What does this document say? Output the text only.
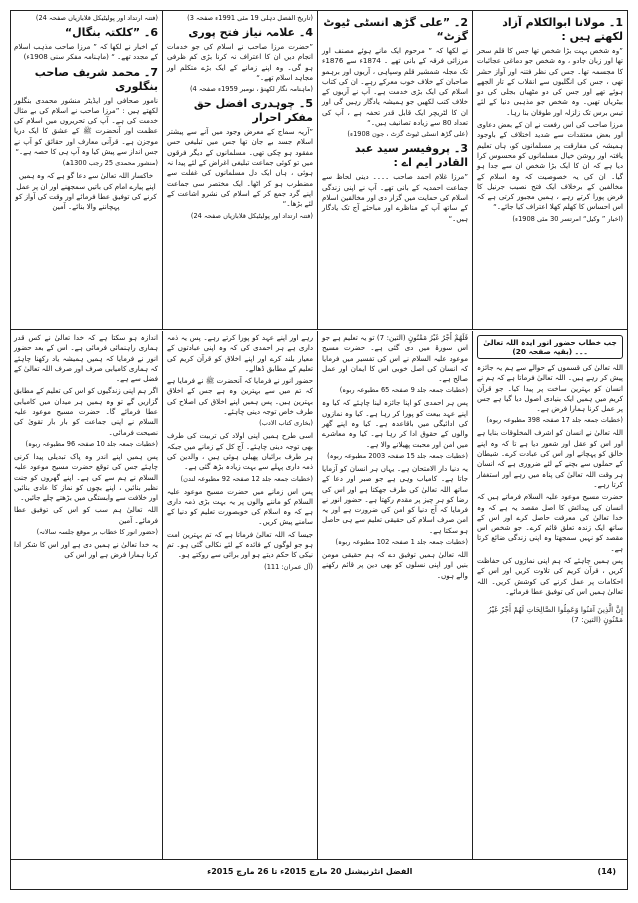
1۔ مولانا ابوالکلام آزاد لکھتے ہیں :

”وہ شخص بہت بڑا شخص تھا جس کا قلم سحر تھا اور زبان جادو ، وہ شخص جو دماغی عجائبات کا مجسمہ تھا۔ جس کی نظر فتنہ اور آواز حشر تھی ، جس کی انگلیوں سے انقلاب کے تار الجھے ہوئے تھے اور جس کی دو مٹھیاں بجلی کی دو بیٹریاں تھیں۔ وہ شخص جو مذہبی دنیا کے لئے تیس برس تک زلزلہ اور طوفان بنا رہا۔

مرزا صاحب کی اس رفعت نے ان کے بعض دعاوی اور بعض معتقدات سے شدید اختلاف کے باوجود ہمیشہ کی مفارقت پر مسلمانوں کو، ہاں تعلیم یافتہ اور روشن خیال مسلمانوں کو محسوس کرا دیا ہے کہ ان کا ایک بڑا شخص ان سے جدا ہو گیا۔ ان کی یہ خصوصیت کہ وہ اسلام کے مخالفین کے برخلاف ایک فتح نصیب جرنیل کا فرض پورا کرتے رہے ، ہمیں مجبور کرتی ہے کہ اس احساس کا کھلم کھلا اعتراف کیا جائے۔“

(اخبار ” وکیل“ امرتسر 30 مئی 1908ء)

2۔ ”علی گڑھ انسٹی ٹیوٹ گزٹ“

نے لکھا کہ ” مرحوم ایک مانے ہوئے مصنف اور مرزائی فرقہ کے بانی تھے ۔ 1874ء سے 1876ء تک مجلہ شمشیر قلم وسپاہی ، آریوں اور برہمو صاحبان کے خلاف خوب معرکے رہے۔ ان کی کتاب اسلام کی ایک بڑی خدمت ہے۔ آپ نے آریوں کے خلاف کتب لکھیں جو ہمیشہ یادگار رہیں گی اور ان کا لٹریچر ایک قابل قدر تحفہ ہے ، آپ کی تعداد 80 سے زیادہ تصانیف ہیں۔“

(علی گڑھ انسٹی ٹیوٹ گزٹ ، جون 1908ء)

3۔ پروفیسر سید عبد القادر ایم اے :

”مرزا غلام احمد صاحب ۔۔۔۔ دینی لحاظ سے جماعت احمدیہ کے بانی تھے۔ آپ نے اپنی زندگی اسلام کی حمایت میں گزار دی اور مخالفین اسلام کے ساتھ آپ کے مناظرے اور مباحثے آج تک یادگار ہیں۔“

(تاریخ الفضل دہلی 19 مئی 1991ء صفحہ 3)

4۔ علامہ نیاز فتح پوری

”حضرت مرزا صاحب نے اسلام کی جو خدمات انجام دیں ان کا اعتراف نہ کرنا بڑی کم ظرفی ہو گی۔ وہ اپنے زمانے کے ایک بڑے متکلم اور مجاہد اسلام تھے۔“

(ماہنامہ نگار لکھنؤ ، نومبر 1959ء صفحہ 4)

5۔ چوہدری افضل حق مفکر احرار

”آریہ سماج کے معرض وجود میں آنے سے پیشتر اسلام جسد بے جان تھا جس میں تبلیغی حس مفقود ہو چکی تھی۔ مسلمانوں کے دیگر فرقوں میں تو کوئی جماعت تبلیغی اغراض کے لئے پیدا نہ ہوئی ، ہاں ایک دل مسلمانوں کی غفلت سے مضطرب ہو کر اٹھا۔ ایک مختصر سی جماعت اپنے گرد جمع کر کے اسلام کی نشرو اشاعت کے لئے بڑھا۔“

(فتنہ ارتداد اور پولیٹیکل قلابازیاں صفحہ 24)

(فتنہ ارتداد اور پولیٹیکل قلابازیاں صفحہ 24)

6۔ ”کلکتہ بنگال“

کے اخبار نے لکھا کہ ” مرزا صاحب مذہب اسلام کے مجدد تھے۔ “ (ماہنامہ مفکر سنی 1908ء)

7۔ محمد شریف صاحب بنگلوری

نامور صحافی اور ایڈیٹر منشور محمدی بنگلور لکھتے ہیں : ”مرزا صاحب نے اسلام کی بے مثال خدمت کی ہے۔ آپ کی تحریروں میں اسلام کی عظمت اور آنحضرت ﷺ کے عشق کا ایک دریا موجزن ہے۔ قرآنی معارف اور حقائق کو آپ نے جس انداز سے پیش کیا وہ آپ ہی کا حصہ ہے۔“

(منشور محمدی 25 رجب 1300ھ)

خاکسار اللہ تعالیٰ سے دعا گو ہے کہ وہ ہمیں اپنے پیارے امام کی باتیں سمجھنے اور ان پر عمل کرنے کی توفیق عطا فرمائے اور وقت کی آواز کو پہچاننے والا بنائے۔ آمین

جب خطاب حضور انور ایدہ اللہ تعالیٰ ۔۔۔ (بقیہ صفحہ 20)

اللہ تعالیٰ کی قسموں کے حوالے سے ہم یہ جائزہ پیش کر رہے ہیں۔ اللہ تعالیٰ فرماتا ہے کہ ہم نے انسان کو بہترین ساخت پر پیدا کیا۔ جو قرآن کریم میں ہمیں ایک بنیادی اصول دیا گیا ہے جس پر عمل کرنا ہمارا فرض ہے۔

(خطبات جمعہ جلد 17 صفحہ 398 مطبوعہ ربوہ)

اللہ تعالیٰ نے انسان کو اشرف المخلوقات بنایا ہے اور اس کو عقل اور شعور دیا ہے تا کہ وہ اپنے خالق کو پہچانے اور اس کی عبادت کرے۔ شیطان کے حملوں سے بچنے کے لئے ضروری ہے کہ انسان ہر وقت اللہ تعالیٰ کی پناہ میں رہے اور استغفار کرتا رہے۔

حضرت مسیح موعود علیہ السلام فرماتے ہیں کہ انسان کی پیدائش کا اصل مقصد یہ ہے کہ وہ خدا تعالیٰ کی معرفت حاصل کرے اور اس کے ساتھ ایک زندہ تعلق قائم کرے۔ جو شخص اس مقصد کو نہیں سمجھتا وہ اپنی زندگی ضائع کرتا ہے۔

پس ہمیں چاہئے کہ ہم اپنی نمازوں کی حفاظت کریں ، قرآن کریم کی تلاوت کریں اور اس کے احکامات پر عمل کرنے کی کوشش کریں۔ اللہ تعالیٰ ہمیں اس کی توفیق عطا فرمائے۔

إِنَّ الَّذِينَ آمَنُوا وَعَمِلُوا الصَّالِحَاتِ لَهُمْ أَجْرٌ غَيْرُ مَمْنُونٍ (التین: 7)

فَلَهُمْ أَجْرٌ غَيْرُ مَمْنُونٍ (التین: 7) تو یہ تعلیم ہے جو اس سورۃ میں دی گئی ہے۔ حضرت مسیح موعود علیہ السلام نے اس کی تفسیر میں فرمایا کہ انسان کی اصل خوبی اس کا ایمان اور عمل صالح ہے۔

(خطبات جمعہ جلد 9 صفحہ 65 مطبوعہ ربوہ)

پس ہر احمدی کو اپنا جائزہ لینا چاہئے کہ کیا وہ اپنے عہد بیعت کو پورا کر رہا ہے۔ کیا وہ نمازوں کی ادائیگی میں باقاعدہ ہے۔ کیا وہ اپنے گھر والوں کے حقوق ادا کر رہا ہے۔ کیا وہ معاشرے میں امن اور محبت پھیلانے والا ہے۔

(خطبات جمعہ جلد 15 صفحہ 2003 مطبوعہ ربوہ)

یہ دنیا دار الامتحان ہے۔ یہاں ہر انسان کو آزمایا جاتا ہے۔ کامیاب وہی ہے جو صبر اور دعا کے ساتھ اللہ تعالیٰ کی طرف جھکتا ہے اور اس کی رضا کو ہر چیز پر مقدم رکھتا ہے۔ حضور انور نے فرمایا کہ آج دنیا کو امن کی ضرورت ہے اور یہ امن صرف اسلام کی حقیقی تعلیم سے ہی حاصل ہو سکتا ہے۔

(خطبات جمعہ جلد 1 صفحہ 102 مطبوعہ ربوہ)

اللہ تعالیٰ ہمیں توفیق دے کہ ہم حقیقی مومن بنیں اور اپنی نسلوں کو بھی دین پر قائم رکھنے والے ہوں۔

رہے اور اپنے عہد کو پورا کرتے رہے۔ پس یہ ذمہ داری ہے ہر احمدی کی کہ وہ اپنی عبادتوں کے معیار بلند کرے اور اپنے اخلاق کو قرآن کریم کی تعلیم کے مطابق ڈھالے۔

حضور انور نے فرمایا کہ آنحضرت ﷺ نے فرمایا ہے کہ تم میں سے بہترین وہ ہے جس کے اخلاق بہترین ہیں۔ پس ہمیں اپنے اخلاق کی اصلاح کی طرف خاص توجہ دینی چاہئے۔

(بخاری کتاب الادب)

اسی طرح ہمیں اپنی اولاد کی تربیت کی طرف بھی توجہ دینی چاہئے۔ آج کل کے زمانے میں جبکہ ہر طرف برائیاں پھیلی ہوئی ہیں ، والدین کی ذمہ داری پہلے سے بہت زیادہ بڑھ گئی ہے۔

(خطبات جمعہ جلد 12 صفحہ 92 مطبوعہ لندن)

پس اس زمانے میں حضرت مسیح موعود علیہ السلام کو ماننے والوں پر یہ بہت بڑی ذمہ داری ہے کہ وہ اسلام کی خوبصورت تعلیم کو دنیا کے سامنے پیش کریں۔

جیسا کہ اللہ تعالیٰ فرماتا ہے کہ تم بہترین امت ہو جو لوگوں کے فائدہ کے لئے نکالی گئی ہو۔ تم نیکی کا حکم دیتے ہو اور برائی سے روکتے ہو۔

(آل عمران: 111)

اندازہ ہو سکتا ہے کہ خدا تعالیٰ نے کس قدر ہماری راہنمائی فرمائی ہے۔ اس کے بعد حضور انور نے فرمایا کہ ہمیں ہمیشہ یاد رکھنا چاہئے کہ ہماری کامیابی صرف اور صرف اللہ تعالیٰ کے فضل سے ہے۔

اگر ہم اپنی زندگیوں کو اس کی تعلیم کے مطابق گزاریں گے تو وہ ہمیں ہر میدان میں کامیابی عطا فرمائے گا۔ حضرت مسیح موعود علیہ السلام نے اپنی جماعت کو بار بار تقویٰ کی نصیحت فرمائی۔

(خطبات جمعہ جلد 10 صفحہ 96 مطبوعہ ربوہ)

پس ہمیں اپنے اندر وہ پاک تبدیلی پیدا کرنی چاہئے جس کی توقع حضرت مسیح موعود علیہ السلام نے ہم سے کی ہے۔ اپنے گھروں کو جنت نظیر بنائیں ، اپنے بچوں کو نماز کا عادی بنائیں اور خلافت سے وابستگی میں بڑھتے چلے جائیں۔

اللہ تعالیٰ ہم سب کو اس کی توفیق عطا فرمائے۔ آمین

(حضور انور کا خطاب بر موقع جلسہ سالانہ)

یہ خدا تعالیٰ نے ہمیں دی ہے اور اس کا شکر ادا کرنا ہمارا فرض ہے اور اس کی

(14)
الفضل انٹرنیشنل 20 مارچ 2015ء تا 26 مارچ 2015ء
